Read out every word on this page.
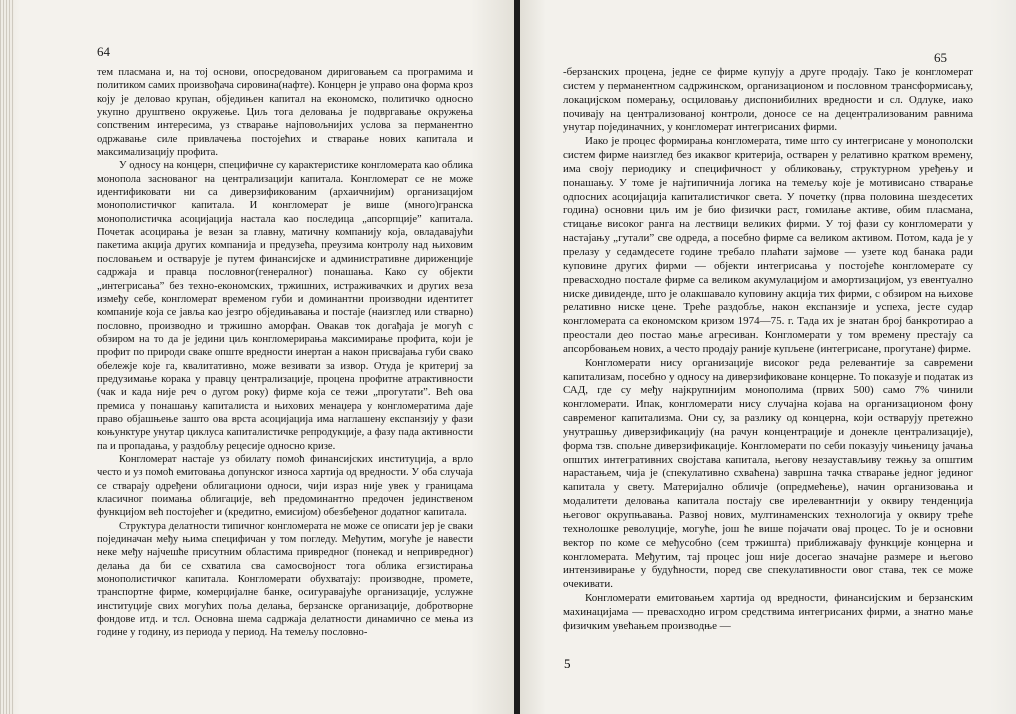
64

тем пласмана и, на тој основи, опосредованом дириговањем са програмима и политиком самих произвођача сировина(нафте). Концерн је управо она форма кроз коју је деловао крупан, обједињен капитал на економско, политичко односно укупно друштвено окружење. Циљ тога деловања је подвргавање окружења сопственим интересима, уз стварање најповољнијих услова за перманентно одржавање силе привлачења постојећих и стварање нових капитала и максимализацију профита.

У односу на концерн, специфичне су карактеристике конгломерата као облика монопола заснованог на централизацији капитала. Конгломерат се не може идентификовати ни са диверзификованим (архаичнијим) организацијом монополистичког капитала. И конгломерат је више (много)гранска монополистичка асоцијација настала као последица „апсорпције” капитала. Почетак асоцирања је везан за главну, матичну компанију која, овладавајући пакетима акција других компанија и предузећа, преузима контролу над њиховим пословањем и остварује је путем финансијске и административне дириженције садржаја и правца пословног(генералног) понашања. Како су објекти „интегрисања” без техно-економских, тржишних, истраживачких и других веза између себе, конгломерат временом губи и доминантни производни идентитет компаније која се јавља као језгро обједињавања и постаје (наизглед или стварно) пословно, производно и тржишно аморфан. Овакав ток догађаја је могућ с обзиром на то да је једини циљ конгломерирања максимирање профита, који је профит по природи сваке опште вредности инертан а након присвајања губи свако обележје које га, квалитативно, може везивати за извор. Отуда је критериј за предузимање корака у правцу централизације, процена профитне атрактивности (чак и када није реч о дугом року) фирме која се тежи „прогутати”. Већ ова премиса у понашању капиталиста и њихових менаџера у конгломератима даје право објашњење зашто ова врста асоцијација има наглашену експанзију у фази коњунктуре унутар циклуса капиталистичке репродукције, а фазу пада активности па и пропадања, у раздобљу рецесије односно кризе.

Конгломерат настаје уз обилату помоћ финансијских институција, а врло често и уз помоћ емитовања допунског износа хартија од вредности. У оба случаја се стварају одређени облигациони односи, чији израз није увек у границама класичног поимања облигације, већ предоминантно предочен јединственом функцијом већ постојећег и (кредитно, емисијом) обезбеђеног додатног капитала.

Структура делатности типичног конгломерата не може се описати јер је сваки појединачан међу њима специфичан у том погледу. Међутим, могуће је навести неке међу најчешће присутним областима привредног (понекад и непривредног) делања да би се схватила сва самосвојност тога облика егзистирања монополистичког капитала. Конгломерати обухватају: производне, промете, транспортне фирме, комерцијалне банке, осигуравајуће организације, услужне институције свих могућих поља делања, берзанске организације, добротворне фондове итд. и тсл. Основна шема садржаја делатности динамично се мења из године у годину, из периода у период. На темељу пословно-

65

-берзанских процена, једне се фирме купују а друге продају. Тако је конгломерат систем у перманентном садржинском, организационом и пословном трансформисању, локацијском померању, осциловању диспонибилних вредности и сл. Одлуке, иако почивају на централизованој контроли, доносе се на децентрализованим равнима унутар појединачних, у конгломерат интегрисаних фирми.

Иако је процес формирања конгломерата, тиме што су интегрисане у монополски систем фирме наизглед без икаквог критерија, остварен у релативно кратком времену, има своју периодику и специфичност у обликовању, структурном уређењу и понашању. У томе је најтипичнија логика на темељу које је мотивисано стварање одпосних асоцијација капиталистичког света. У почетку (прва половина шездесетих година) основни циљ им је био физички раст, гомилање активе, обим пласмана, стицање високог ранга на лествици великих фирми. У тој фази су конгломерати у настајању „гутали” све одреда, а посебно фирме са великом активом. Потом, када је у прелазу у седамдесете године требало плаћати зајмове — узете код банака ради куповине других фирми — објекти интегрисања у постојеће конгломерате су превасходно постале фирме са великом акумулацијом и амортизацијом, уз евентуално ниске дивиденде, што је олакшавало куповину акција тих фирми, с обзиром на њихове релативно ниске цене. Треће раздобље, након експанзије и успеха, јесте судар конгломерата са економском кризом 1974—75. г. Тада их је знатан број банкротирао а преостали део постао мање агресиван. Конгломерати у том времену престају са апсорбовањем нових, а често продају раније купљене (интегрисане, прогутане) фирме.

Конгломерати нису организације високог реда релевантије за савремени капитализам, посебно у односу на диверзификоване концерне. То показује и податак из САД, где су међу најкрупнијим монополима (првих 500) само 7% чинили конгломерати. Ипак, конгломерати нису случајна којава на организационом фону савременог капитализма. Они су, за разлику од концерна, који остварују претежно унутрашњу диверзификацију (на рачун концентрације и донекле централизације), форма тзв. спољне диверзификације. Конгломерати по себи показују чињеницу јачања општих интегративних својстава капитала, његову незаустављиву тежњу за општим нарастањем, чија је (спекулативно схваћена) завршна тачка стварање једног јединог капитала у свету. Материјално обличје (опредмећење), начин организовања и модалитети деловања капитала постају све ирелевантнији у оквиру тенденција његовог окрупњавања. Развој нових, мултинаменских технологија у оквиру треће технолошке револуције, могуће, још ће више појачати овај процес. То је и основни вектор по коме се међусобно (сем тржишта) приближавају функције концерна и конгломерата. Међутим, тај процес још није досегао значајне размере и његово интензивирање у будућности, поред све спекулативности овог става, тек се може очекивати.

Конгломерати емитовањем хартија од вредности, финансијским и берзанским махинацијама — превасходно игром средствима интегрисаних фирми, а знатно мање физичким увећањем производње —

5
